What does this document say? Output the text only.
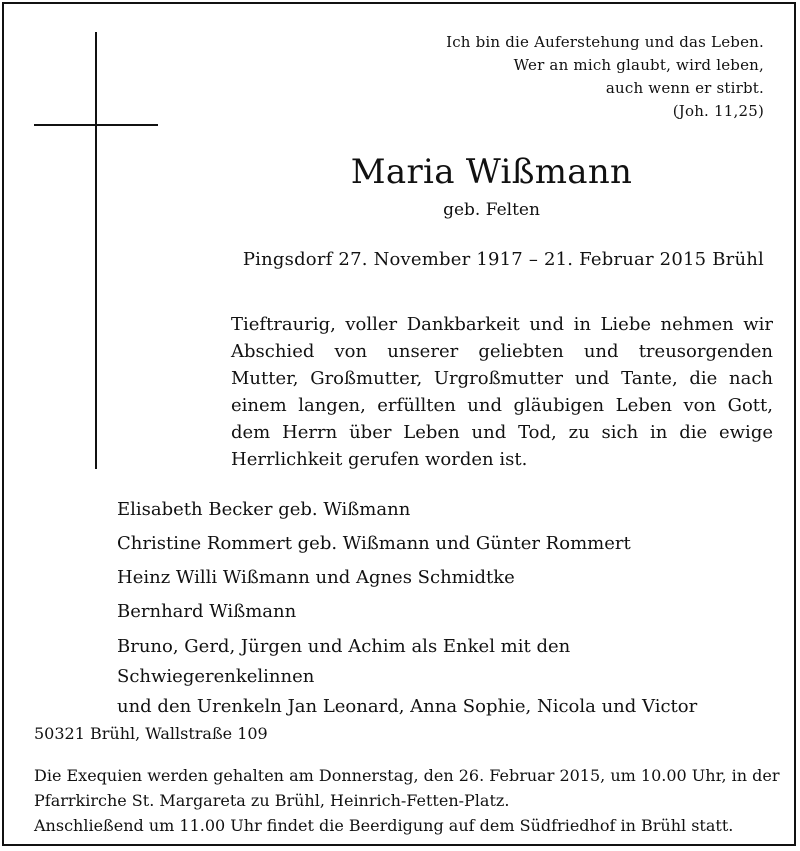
Ich bin die Auferstehung und das Leben.
Wer an mich glaubt, wird leben,
auch wenn er stirbt.
(Joh. 11,25)
Maria Wißmann
geb. Felten
Pingsdorf 27. November 1917 – 21. Februar 2015 Brühl
Tieftraurig, voller Dankbarkeit und in Liebe nehmen wir
Abschied von unserer geliebten und treusorgenden
Mutter, Großmutter, Urgroßmutter und Tante, die nach
einem langen, erfüllten und gläubigen Leben von Gott,
dem Herrn über Leben und Tod, zu sich in die ewige
Herrlichkeit gerufen worden ist.
Elisabeth Becker geb. Wißmann
Christine Rommert geb. Wißmann und Günter Rommert
Heinz Willi Wißmann und Agnes Schmidtke
Bernhard Wißmann
Bruno, Gerd, Jürgen und Achim als Enkel mit den Schwiegerenkelinnen
und den Urenkeln Jan Leonard, Anna Sophie, Nicola und Victor
50321 Brühl, Wallstraße 109
Die Exequien werden gehalten am Donnerstag, den 26. Februar 2015, um 10.00 Uhr, in der
Pfarrkirche St. Margareta zu Brühl, Heinrich-Fetten-Platz.
Anschließend um 11.00 Uhr findet die Beerdigung auf dem Südfriedhof in Brühl statt.
